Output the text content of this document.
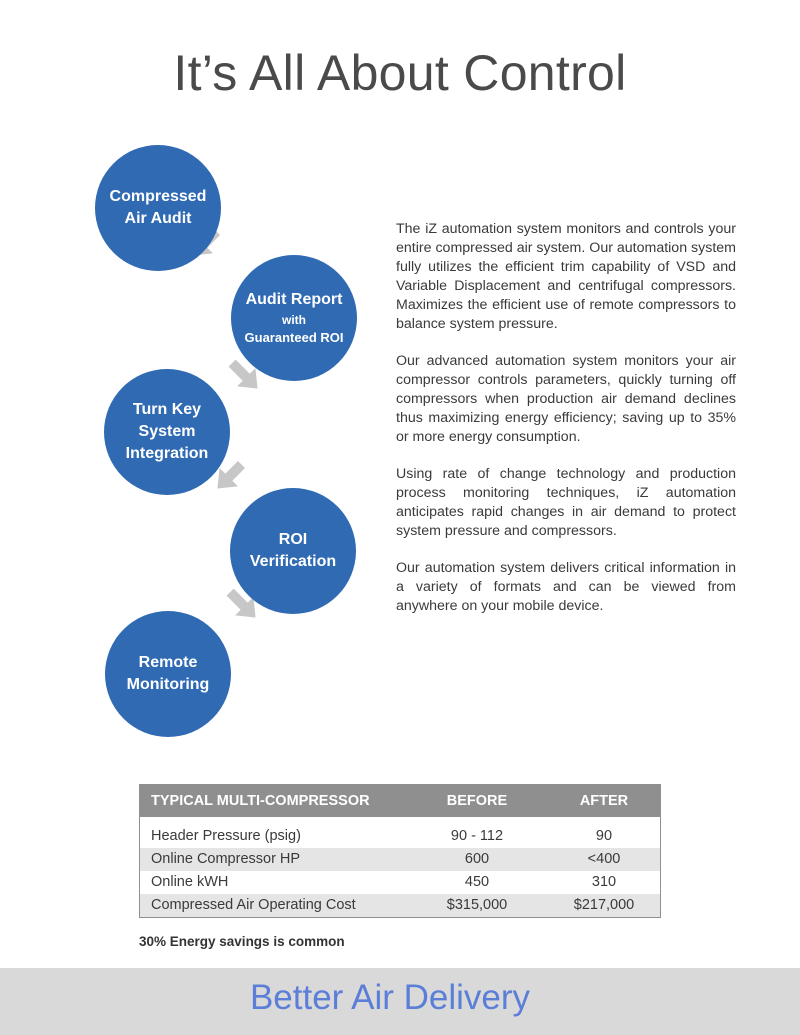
It’s All About Control
Compressed
Air Audit
Audit Report
with
Guaranteed ROI
Turn Key
System
Integration
ROI
Verification
Remote
Monitoring

The iZ automation system monitors and controls your entire compressed air system. Our automation system fully utilizes the efficient trim capability of VSD and Variable Displacement and centrifugal compressors. Maximizes the efficient use of remote compressors to balance system pressure.

Our advanced automation system monitors your air compressor controls parameters, quickly turning off compressors when production air demand declines thus maximizing energy efficiency; saving up to 35% or more energy consumption.

Using rate of change technology and production process monitoring techniques, iZ automation anticipates rapid changes in air demand to protect system pressure and compressors.

Our automation system delivers critical information in a variety of formats and can be viewed from anywhere on your mobile device.

TYPICAL MULTI-COMPRESSOR	BEFORE	AFTER

Header Pressure (psig)	90 - 112	90
Online Compressor HP	600	<400
Online kWH	450	310
Compressed Air Operating Cost	$315,000	$217,000
30% Energy savings is common
Better Air Delivery
